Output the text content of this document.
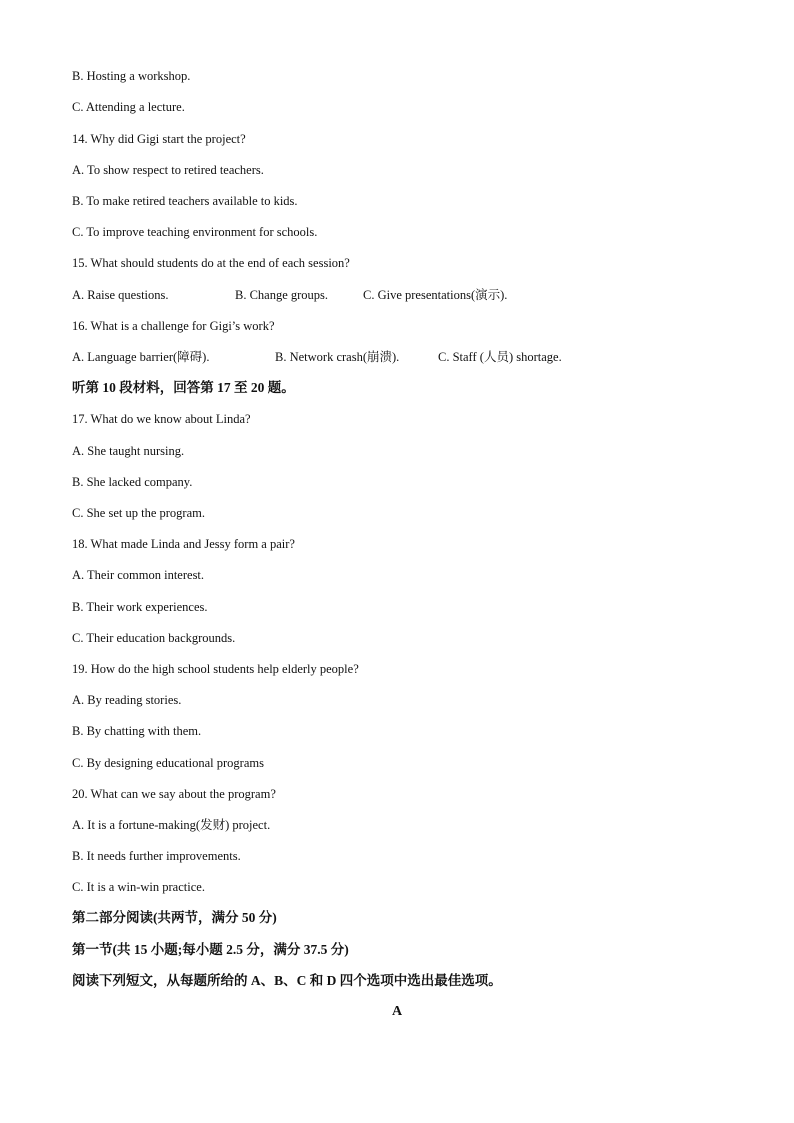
B. Hosting a workshop.
C. Attending a lecture.
14. Why did Gigi start the project?
A. To show respect to retired teachers.
B. To make retired teachers available to kids.
C. To improve teaching environment for schools.
15. What should students do at the end of each session?
A. Raise questions.	B. Change groups.	C. Give presentations(演示).
16. What is a challenge for Gigi’s work?
A. Language barrier(障碍).	B. Network crash(崩溃).	C. Staff (人员) shortage.
听第 10 段材料，回答第 17 至 20 题。
17. What do we know about Linda?
A. She taught nursing.
B. She lacked company.
C. She set up the program.
18. What made Linda and Jessy form a pair?
A. Their common interest.
B. Their work experiences.
C. Their education backgrounds.
19. How do the high school students help elderly people?
A. By reading stories.
B. By chatting with them.
C. By designing educational programs
20. What can we say about the program?
A. It is a fortune-making(发财) project.
B. It needs further improvements.
C. It is a win-win practice.
第二部分阅读(共两节，满分 50 分)
第一节(共 15 小题;每小题 2.5 分，满分 37.5 分)
阅读下列短文，从每题所给的 A、B、C 和 D 四个选项中选出最佳选项。
A
